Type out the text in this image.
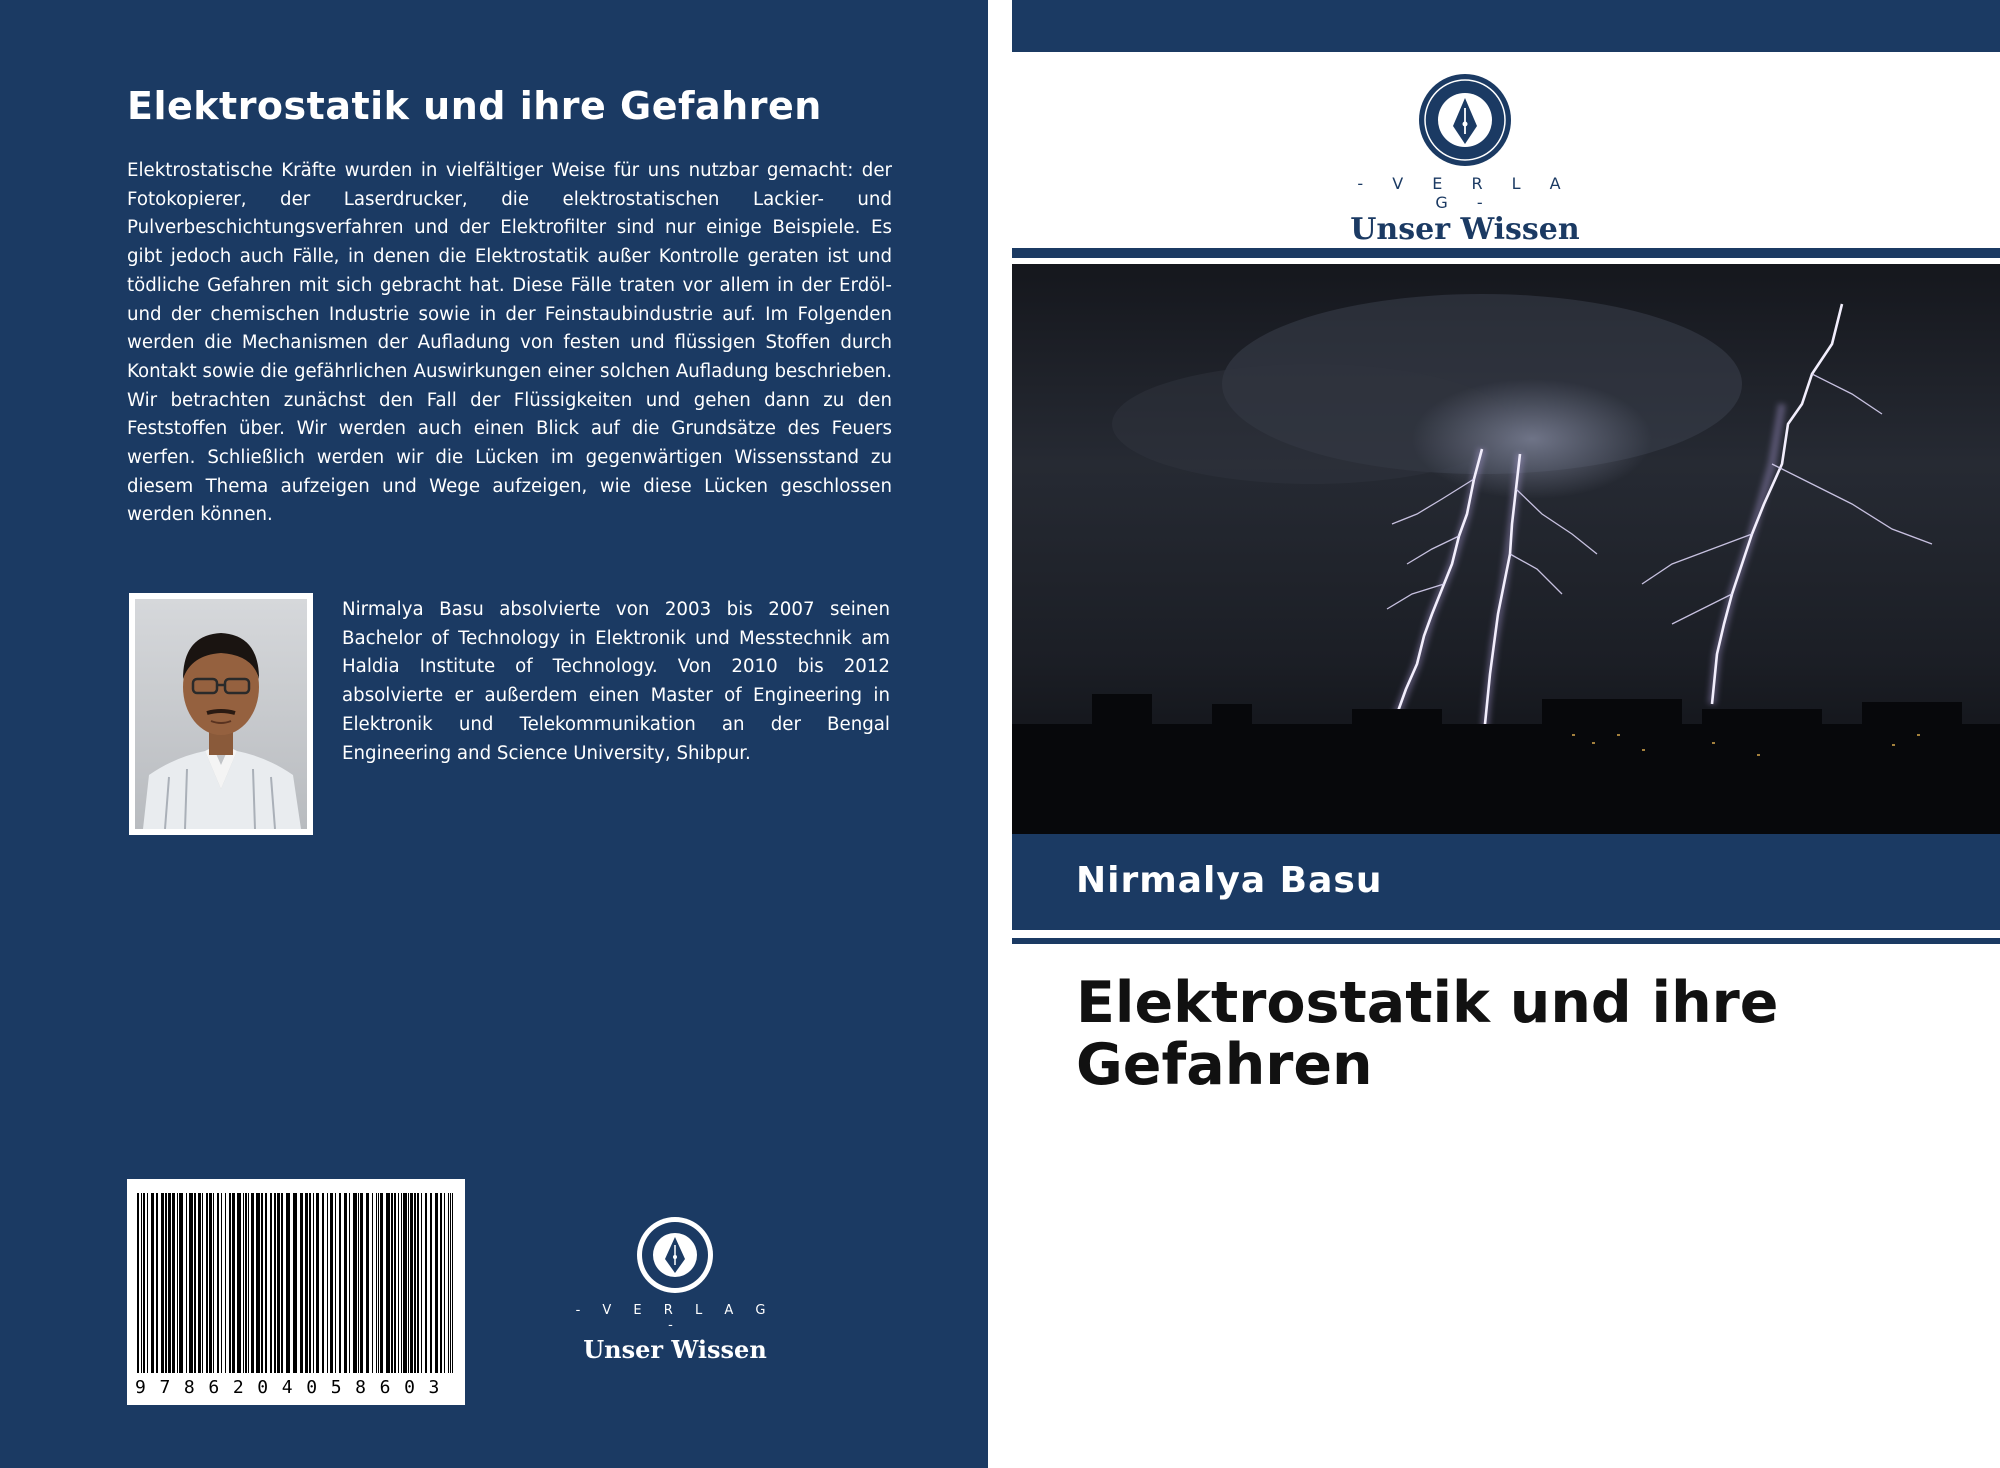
Elektrostatik und ihre Gefahren

Elektrostatische Kräfte wurden in vielfältiger Weise für uns nutzbar gemacht: der Fotokopierer, der Laserdrucker, die elektrostatischen Lackier- und Pulverbeschichtungsverfahren und der Elektrofilter sind nur einige Beispiele. Es gibt jedoch auch Fälle, in denen die Elektrostatik außer Kontrolle geraten ist und tödliche Gefahren mit sich gebracht hat. Diese Fälle traten vor allem in der Erdöl- und der chemischen Industrie sowie in der Feinstaubindustrie auf. Im Folgenden werden die Mechanismen der Aufladung von festen und flüssigen Stoffen durch Kontakt sowie die gefährlichen Auswirkungen einer solchen Aufladung beschrieben. Wir betrachten zunächst den Fall der Flüssigkeiten und gehen dann zu den Feststoffen über. Wir werden auch einen Blick auf die Grundsätze des Feuers werfen. Schließlich werden wir die Lücken im gegenwärtigen Wissensstand zu diesem Thema aufzeigen und Wege aufzeigen, wie diese Lücken geschlossen werden können.

Nirmalya Basu absolvierte von 2003 bis 2007 seinen Bachelor of Technology in Elektronik und Messtechnik am Haldia Institute of Technology. Von 2010 bis 2012 absolvierte er außerdem einen Master of Engineering in Elektronik und Telekommunikation an der Bengal Engineering and Science University, Shibpur.

9 7 8 6 2 0 4 0 5 8 6 0 3
- V E R L A G -
Unser Wissen
- V E R L A G -
Unser Wissen
Nirmalya Basu
Elektrostatik und ihre Gefahren
